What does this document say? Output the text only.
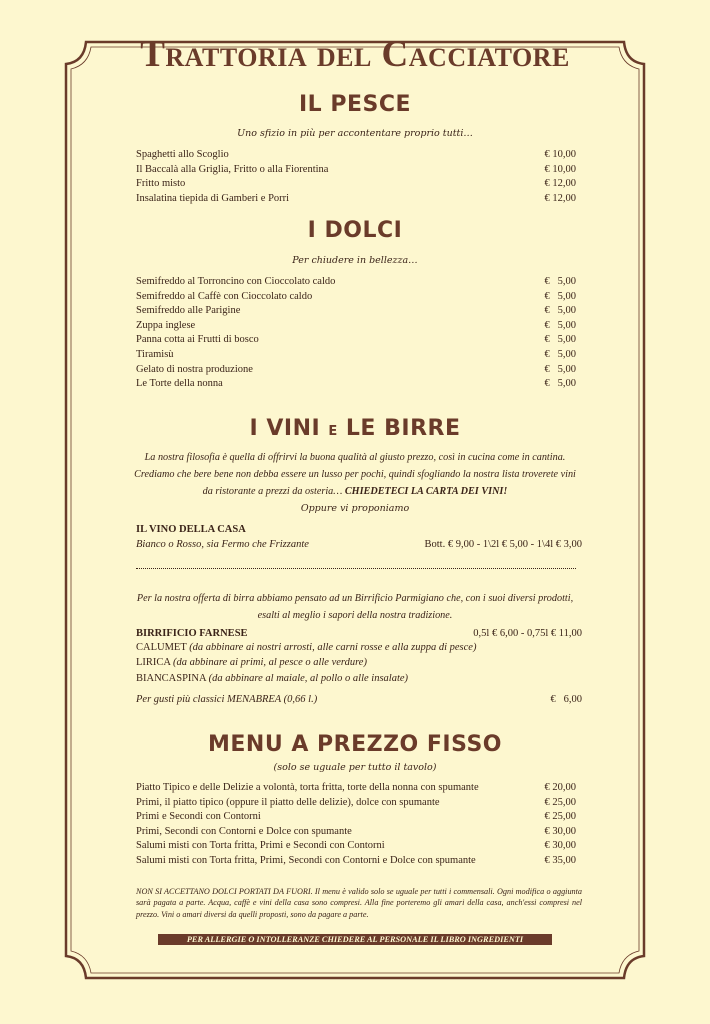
Trattoria del Cacciatore
IL PESCE
Uno sfizio in più per accontentare proprio tutti…
Spaghetti allo Scoglio	€ 10,00
Il Baccalà alla Griglia, Fritto o alla Fiorentina	€ 10,00
Fritto misto	€ 12,00
Insalatina tiepida di Gamberi e Porri	€ 12,00
I DOLCI
Per chiudere in bellezza…
Semifreddo al Torroncino con Cioccolato caldo	€   5,00
Semifreddo al Caffè con Cioccolato caldo	€   5,00
Semifreddo alle Parigine	€   5,00
Zuppa inglese	€   5,00
Panna cotta ai Frutti di bosco	€   5,00
Tiramisù	€   5,00
Gelato di nostra produzione	€   5,00
Le Torte della nonna	€   5,00
I VINI E LE BIRRE
La nostra filosofia è quella di offrirvi la buona qualità al giusto prezzo, così in cucina come in cantina. Crediamo che bere bene non debba essere un lusso per pochi, quindi sfogliando la nostra lista troverete vini da ristorante a prezzi da osteria… CHIEDETECI LA CARTA DEI VINI!
Oppure vi proponiamo
IL VINO DELLA CASA
Bianco o Rosso, sia Fermo che Frizzante	Bott. € 9,00 - 1\2l € 5,00 - 1\4l € 3,00
Per la nostra offerta di birra abbiamo pensato ad un Birrificio Parmigiano che, con i suoi diversi prodotti, esalti al meglio i sapori della nostra tradizione.
BIRRIFICIO FARNESE	0,5l € 6,00 - 0,75l € 11,00
CALUMET (da abbinare ai nostri arrosti, alle carni rosse e alla zuppa di pesce)
LIRICA (da abbinare ai primi, al pesce o alle verdure)
BIANCASPINA (da abbinare al maiale, al pollo o alle insalate)
Per gusti più classici MENABREA (0,66 l.)	€   6,00
MENU A PREZZO FISSO
(solo se uguale per tutto il tavolo)
Piatto Tipico e delle Delizie a volontà, torta fritta, torte della nonna con spumante	€ 20,00
Primi, il piatto tipico (oppure il piatto delle delizie), dolce con spumante	€ 25,00
Primi e Secondi con Contorni	€ 25,00
Primi, Secondi con Contorni e Dolce con spumante	€ 30,00
Salumi misti con Torta fritta, Primi e Secondi con Contorni	€ 30,00
Salumi misti con Torta fritta, Primi, Secondi con Contorni e Dolce con spumante	€ 35,00
NON SI ACCETTANO DOLCI PORTATI DA FUORI. Il menu è valido solo se uguale per tutti i commensali. Ogni modifica o aggiunta sarà pagata a parte. Acqua, caffè e vini della casa sono compresi. Alla fine porteremo gli amari della casa, anch'essi compresi nel prezzo. Vini o amari diversi da quelli proposti, sono da pagare a parte.
PER ALLERGIE O INTOLLERANZE CHIEDERE AL PERSONALE IL LIBRO INGREDIENTI
